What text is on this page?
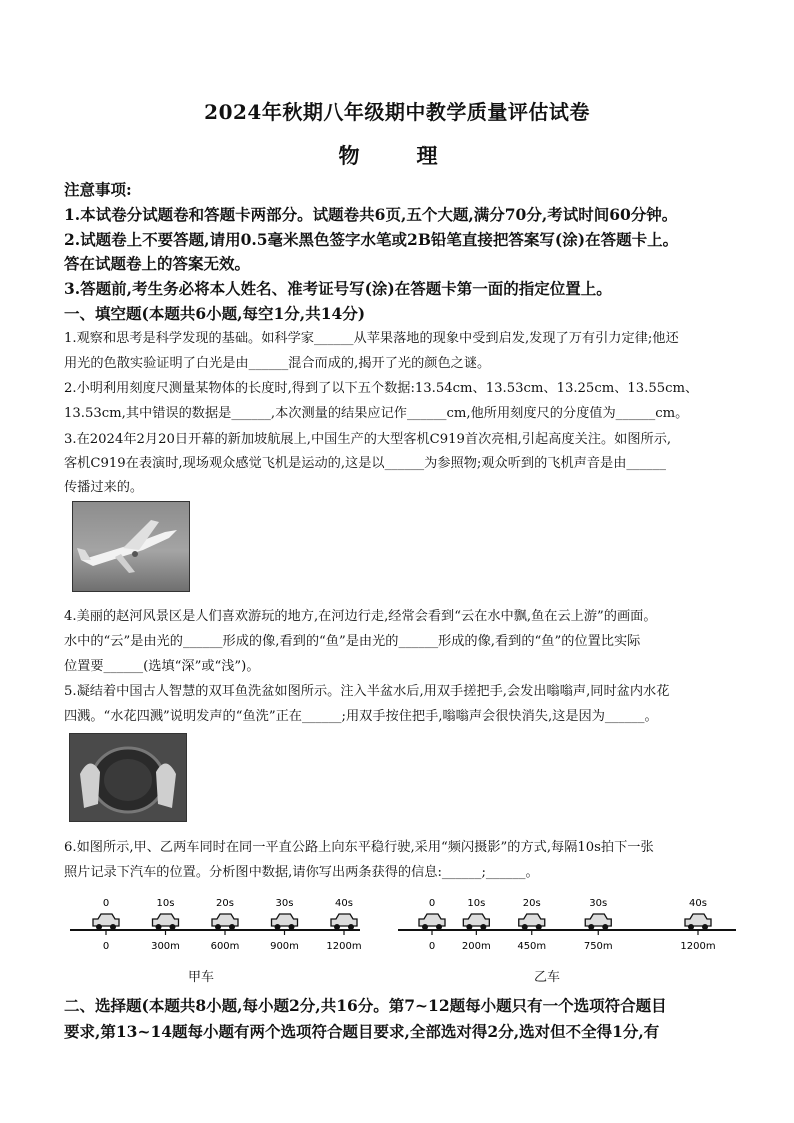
2024年秋期八年级期中教学质量评估试卷
物　理
注意事项:
1.本试卷分试题卷和答题卡两部分。试题卷共6页,五个大题,满分70分,考试时间60分钟。
2.试题卷上不要答题,请用0.5毫米黑色签字水笔或2B铅笔直接把答案写(涂)在答题卡上。
答在试题卷上的答案无效。
3.答题前,考生务必将本人姓名、准考证号写(涂)在答题卡第一面的指定位置上。
一、填空题(本题共6小题,每空1分,共14分)
1.观察和思考是科学发现的基础。如科学家______从苹果落地的现象中受到启发,发现了万有引力定律;他还
用光的色散实验证明了白光是由______混合而成的,揭开了光的颜色之谜。
2.小明利用刻度尺测量某物体的长度时,得到了以下五个数据:13.54cm、13.53cm、13.25cm、13.55cm、
13.53cm,其中错误的数据是______,本次测量的结果应记作______cm,他所用刻度尺的分度值为______cm。
3.在2024年2月20日开幕的新加坡航展上,中国生产的大型客机C919首次亮相,引起高度关注。如图所示,
客机C919在表演时,现场观众感觉飞机是运动的,这是以______为参照物;观众听到的飞机声音是由______
传播过来的。
4.美丽的赵河风景区是人们喜欢游玩的地方,在河边行走,经常会看到“云在水中飘,鱼在云上游”的画面。
水中的“云”是由光的______形成的像,看到的“鱼”是由光的______形成的像,看到的“鱼”的位置比实际
位置要______(选填“深”或“浅”)。
5.凝结着中国古人智慧的双耳鱼洗盆如图所示。注入半盆水后,用双手搓把手,会发出嗡嗡声,同时盆内水花
四溅。“水花四溅”说明发声的“鱼洗”正在______;用双手按住把手,嗡嗡声会很快消失,这是因为______。
6.如图所示,甲、乙两车同时在同一平直公路上向东平稳行驶,采用“频闪摄影”的方式,每隔10s拍下一张
照片记录下汽车的位置。分析图中数据,请你写出两条获得的信息:______;______。
0
0
300m
10s
600m
20s
900m
30s
1200m
40s
0
0
200m
10s
450m
20s
750m
30s
1200m
40s
甲车	乙车
二、选择题(本题共8小题,每小题2分,共16分。第7~12题每小题只有一个选项符合题目
要求,第13~14题每小题有两个选项符合题目要求,全部选对得2分,选对但不全得1分,有
